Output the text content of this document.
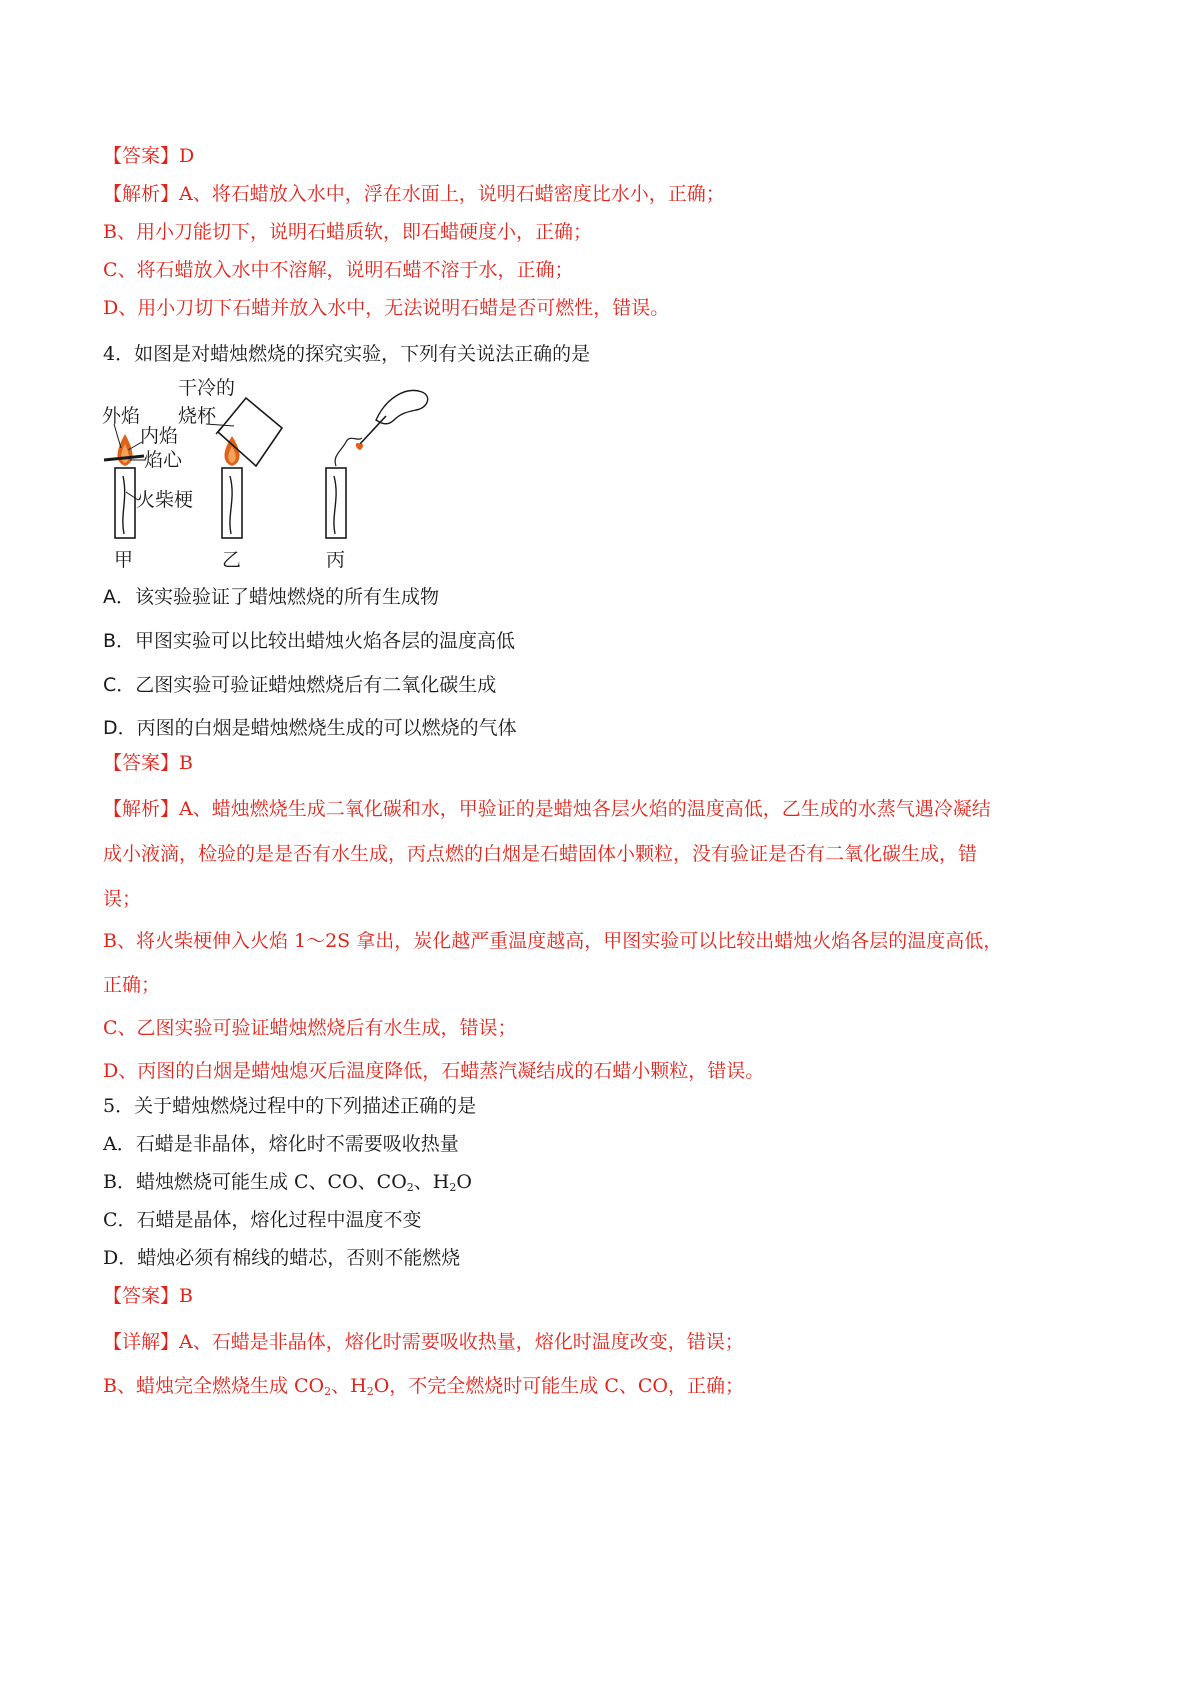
【答案】D
【解析】A、将石蜡放入水中，浮在水面上，说明石蜡密度比水小，正确；
B、用小刀能切下，说明石蜡质软，即石蜡硬度小，正确；
C、将石蜡放入水中不溶解，说明石蜡不溶于水，正确；
D、用小刀切下石蜡并放入水中，无法说明石蜡是否可燃性，错误。
4．如图是对蜡烛燃烧的探究实验，下列有关说法正确的是
外焰
内焰
焰心
火柴梗
甲
干冷的
烧杯
乙	丙
A．该实验验证了蜡烛燃烧的所有生成物
B．甲图实验可以比较出蜡烛火焰各层的温度高低
C．乙图实验可验证蜡烛燃烧后有二氧化碳生成
D．丙图的白烟是蜡烛燃烧生成的可以燃烧的气体
【答案】B
【解析】A、蜡烛燃烧生成二氧化碳和水，甲验证的是蜡烛各层火焰的温度高低，乙生成的水蒸气遇冷凝结
成小液滴，检验的是是否有水生成，丙点燃的白烟是石蜡固体小颗粒，没有验证是否有二氧化碳生成，错
误；
B、将火柴梗伸入火焰 1～2S 拿出，炭化越严重温度越高，甲图实验可以比较出蜡烛火焰各层的温度高低，
正确；
C、乙图实验可验证蜡烛燃烧后有水生成，错误；
D、丙图的白烟是蜡烛熄灭后温度降低，石蜡蒸汽凝结成的石蜡小颗粒，错误。
5．关于蜡烛燃烧过程中的下列描述正确的是
A．石蜡是非晶体，熔化时不需要吸收热量
B．蜡烛燃烧可能生成 C、CO、$CO_2$、$H_2O$
C．石蜡是晶体，熔化过程中温度不变
D．蜡烛必须有棉线的蜡芯，否则不能燃烧
【答案】B
【详解】A、石蜡是非晶体，熔化时需要吸收热量，熔化时温度改变，错误；
B、蜡烛完全燃烧生成 $CO_2$、$H_2O$，不完全燃烧时可能生成 C、CO，正确；
